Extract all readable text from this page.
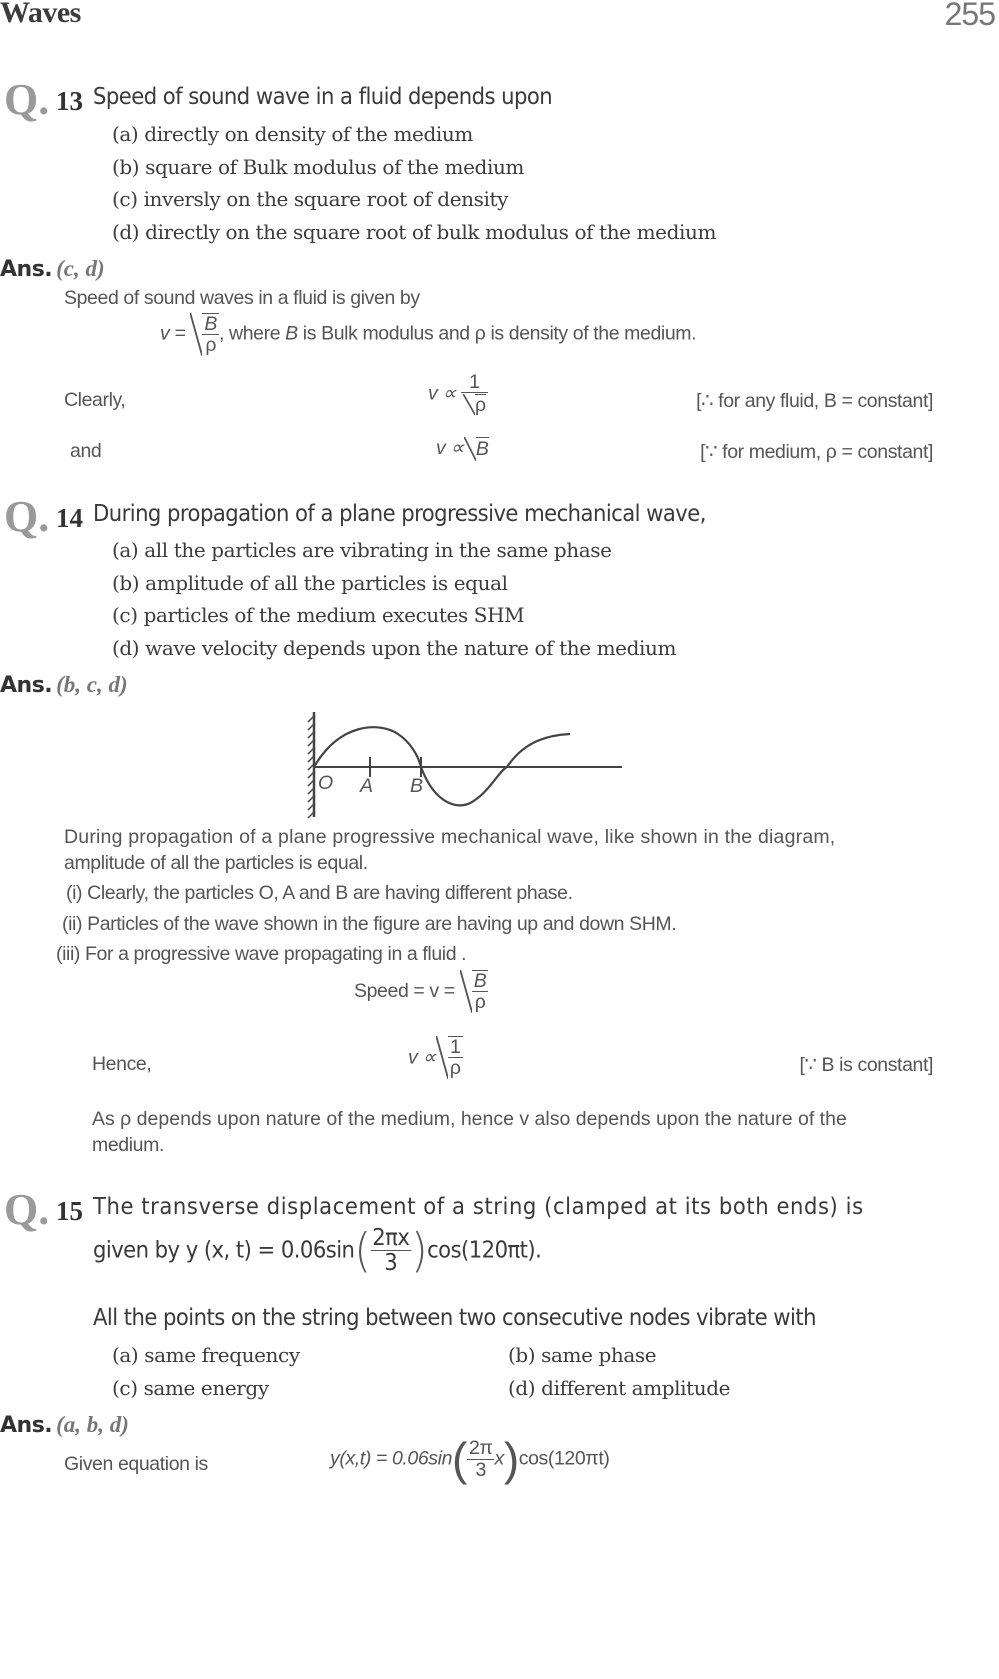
Waves	255
Q. 13 Speed of sound wave in a fluid depends upon
(a) directly on density of the medium
(b) square of Bulk modulus of the medium
(c) inversly on the square root of density
(d) directly on the square root of bulk modulus of the medium
Ans. (c, d)
Speed of sound waves in a fluid is given by
$v = \frac{B}{\rho}$ , where B is Bulk modulus and ρ is density of the medium.
Clearly,	$v \propto \frac{1}{\rho}$	[∴ for any fluid, B = constant]
and	v ∝ B	[∵ for medium, ρ = constant]
Q. 14 During propagation of a plane progressive mechanical wave,
(a) all the particles are vibrating in the same phase
(b) amplitude of all the particles is equal
(c) particles of the medium executes SHM
(d) wave velocity depends upon the nature of the medium
Ans. (b, c, d)
O A B
During propagation of a plane progressive mechanical wave, like shown in the diagram,
amplitude of all the particles is equal.
(i) Clearly, the particles O, A and B are having different phase.
(ii) Particles of the wave shown in the figure are having up and down SHM.
(iii) For a progressive wave propagating in a fluid .
Speed = $v = \frac{B}{\rho}$
Hence,	$v \propto \frac{1}{\rho}$	[∵ B is constant]
As ρ depends upon nature of the medium, hence v also depends upon the nature of the
medium.
Q. 15 The transverse displacement of a string (clamped at its both ends) is
given by y (x, $t) = 0.06\sin( \frac{2\pi x}{3} )\cos(120\pi t)$.
All the points on the string between two consecutive nodes vibrate with
(a) same frequency	(b) same phase
(c) same energy	(d) different amplitude
Ans. (a, b, d)
Given equation is	$y(x,t) = 0.06\sin( \frac{2\pi}{3} x)\cos(120\pi t)$
